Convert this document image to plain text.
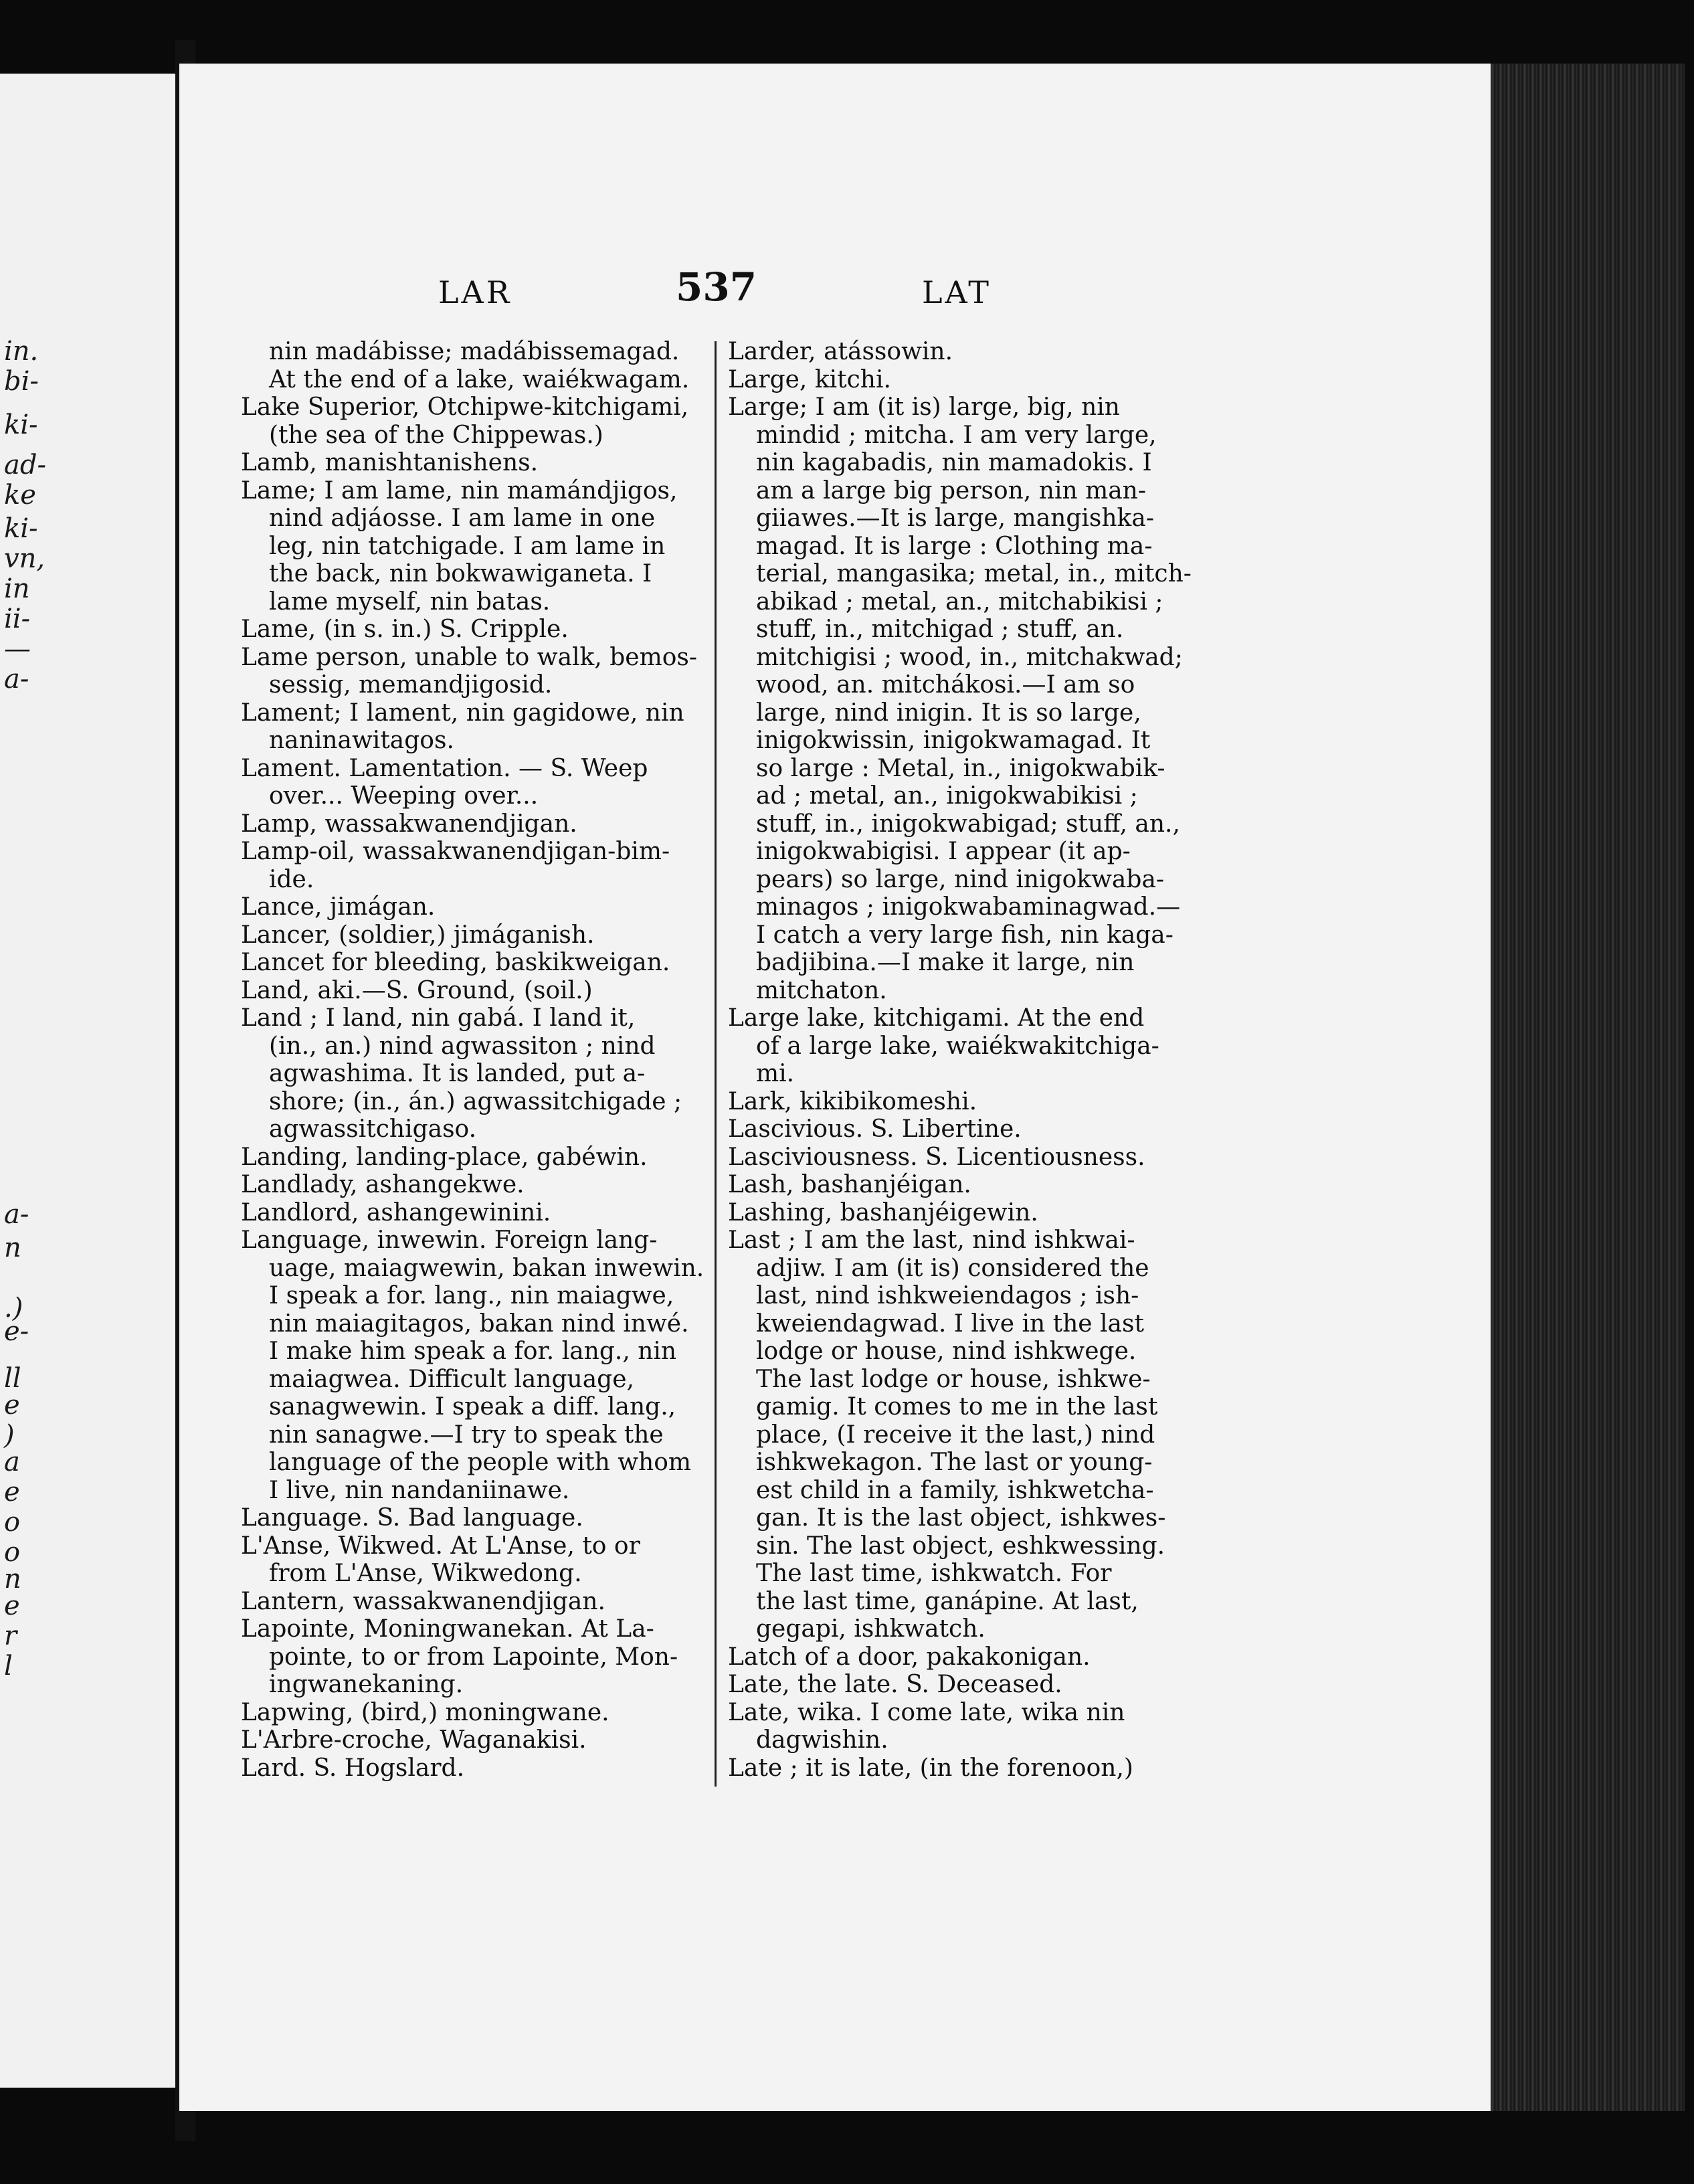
in.
bi-
ki-
ad-
ke
ki-
vn,
in
ii-
—
a-
a-
n
.)
e-
ll
e
)
a
e
o
o
n
e
r
l
LAR	537	LAT
nin madábisse; madábissemagad.
At the end of a lake, waiékwagam.
Lake Superior, Otchipwe-kitchigami,
(the sea of the Chippewas.)
Lamb, manishtanishens.
Lame; I am lame, nin mamándjigos,
nind adjáosse. I am lame in one
leg, nin tatchigade. I am lame in
the back, nin bokwawiganeta. I
lame myself, nin batas.
Lame, (in s. in.) S. Cripple.
Lame person, unable to walk, bemos-
sessig, memandjigosid.
Lament; I lament, nin gagidowe, nin
naninawitagos.
Lament. Lamentation. — S. Weep
over... Weeping over...
Lamp, wassakwanendjigan.
Lamp-oil, wassakwanendjigan-bim-
ide.
Lance, jimágan.
Lancer, (soldier,) jimáganish.
Lancet for bleeding, baskikweigan.
Land, aki.—S. Ground, (soil.)
Land ; I land, nin gabá. I land it,
(in., an.) nind agwassiton ; nind
agwashima. It is landed, put a-
shore; (in., án.) agwassitchigade ;
agwassitchigaso.
Landing, landing-place, gabéwin.
Landlady, ashangekwe.
Landlord, ashangewinini.
Language, inwewin. Foreign lang-
uage, maiagwewin, bakan inwewin.
I speak a for. lang., nin maiagwe,
nin maiagitagos, bakan nind inwé.
I make him speak a for. lang., nin
maiagwea. Difficult language,
sanagwewin. I speak a diff. lang.,
nin sanagwe.—I try to speak the
language of the people with whom
I live, nin nandaniinawe.
Language. S. Bad language.
L'Anse, Wikwed. At L'Anse, to or
from L'Anse, Wikwedong.
Lantern, wassakwanendjigan.
Lapointe, Moningwanekan. At La-
pointe, to or from Lapointe, Mon-
ingwanekaning.
Lapwing, (bird,) moningwane.
L'Arbre-croche, Waganakisi.
Lard. S. Hogslard.
Larder, atássowin.
Large, kitchi.
Large; I am (it is) large, big, nin
mindid ; mitcha. I am very large,
nin kagabadis, nin mamadokis. I
am a large big person, nin man-
giiawes.—It is large, mangishka-
magad. It is large : Clothing ma-
terial, mangasika; metal, in., mitch-
abikad ; metal, an., mitchabikisi ;
stuff, in., mitchigad ; stuff, an.
mitchigisi ; wood, in., mitchakwad;
wood, an. mitchákosi.—I am so
large, nind inigin. It is so large,
inigokwissin, inigokwamagad. It
so large : Metal, in., inigokwabik-
ad ; metal, an., inigokwabikisi ;
stuff, in., inigokwabigad; stuff, an.,
inigokwabigisi. I appear (it ap-
pears) so large, nind inigokwaba-
minagos ; inigokwabaminagwad.—
I catch a very large fish, nin kaga-
badjibina.—I make it large, nin
mitchaton.
Large lake, kitchigami. At the end
of a large lake, waiékwakitchiga-
mi.
Lark, kikibikomeshi.
Lascivious. S. Libertine.
Lasciviousness. S. Licentiousness.
Lash, bashanjéigan.
Lashing, bashanjéigewin.
Last ; I am the last, nind ishkwai-
adjiw. I am (it is) considered the
last, nind ishkweiendagos ; ish-
kweiendagwad. I live in the last
lodge or house, nind ishkwege.
The last lodge or house, ishkwe-
gamig. It comes to me in the last
place, (I receive it the last,) nind
ishkwekagon. The last or young-
est child in a family, ishkwetcha-
gan. It is the last object, ishkwes-
sin. The last object, eshkwessing.
The last time, ishkwatch. For
the last time, ganápine. At last,
gegapi, ishkwatch.
Latch of a door, pakakonigan.
Late, the late. S. Deceased.
Late, wika. I come late, wika nin
dagwishin.
Late ; it is late, (in the forenoon,)
